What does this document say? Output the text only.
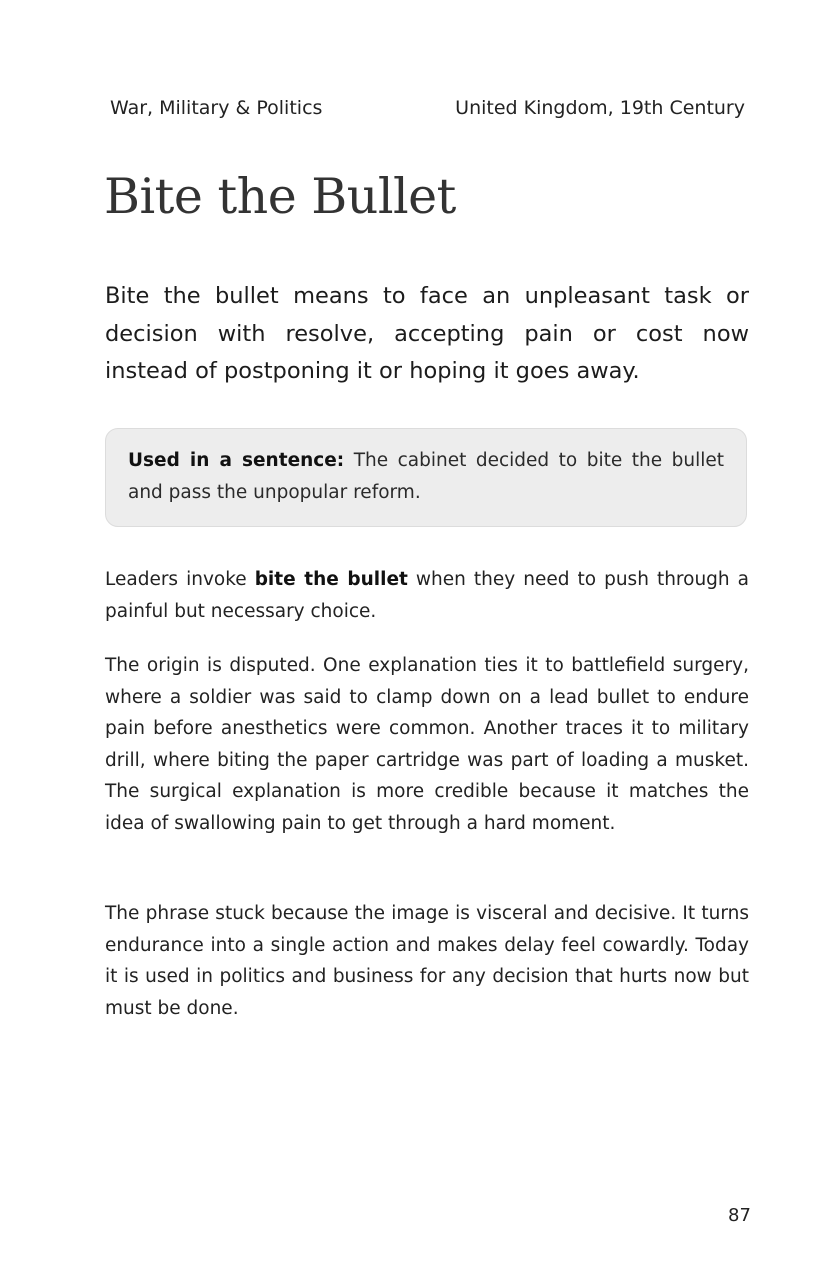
War, Military & Politics	United Kingdom, 19th Century
Bite the Bullet

Bite the bullet means to face an unpleasant task or decision with resolve, accepting pain or cost now instead of postponing it or hoping it goes away.

Used in a sentence: The cabinet decided to bite the bullet and pass the unpopular reform.

Leaders invoke bite the bullet when they need to push through a painful but necessary choice.

The origin is disputed. One explanation ties it to battlefield surgery, where a soldier was said to clamp down on a lead bullet to endure pain before anesthetics were common. Another traces it to military drill, where biting the paper cartridge was part of loading a musket. The surgical explanation is more credible because it matches the idea of swallowing pain to get through a hard moment.

The phrase stuck because the image is visceral and decisive. It turns endurance into a single action and makes delay feel cowardly. Today it is used in politics and business for any decision that hurts now but must be done.

87
